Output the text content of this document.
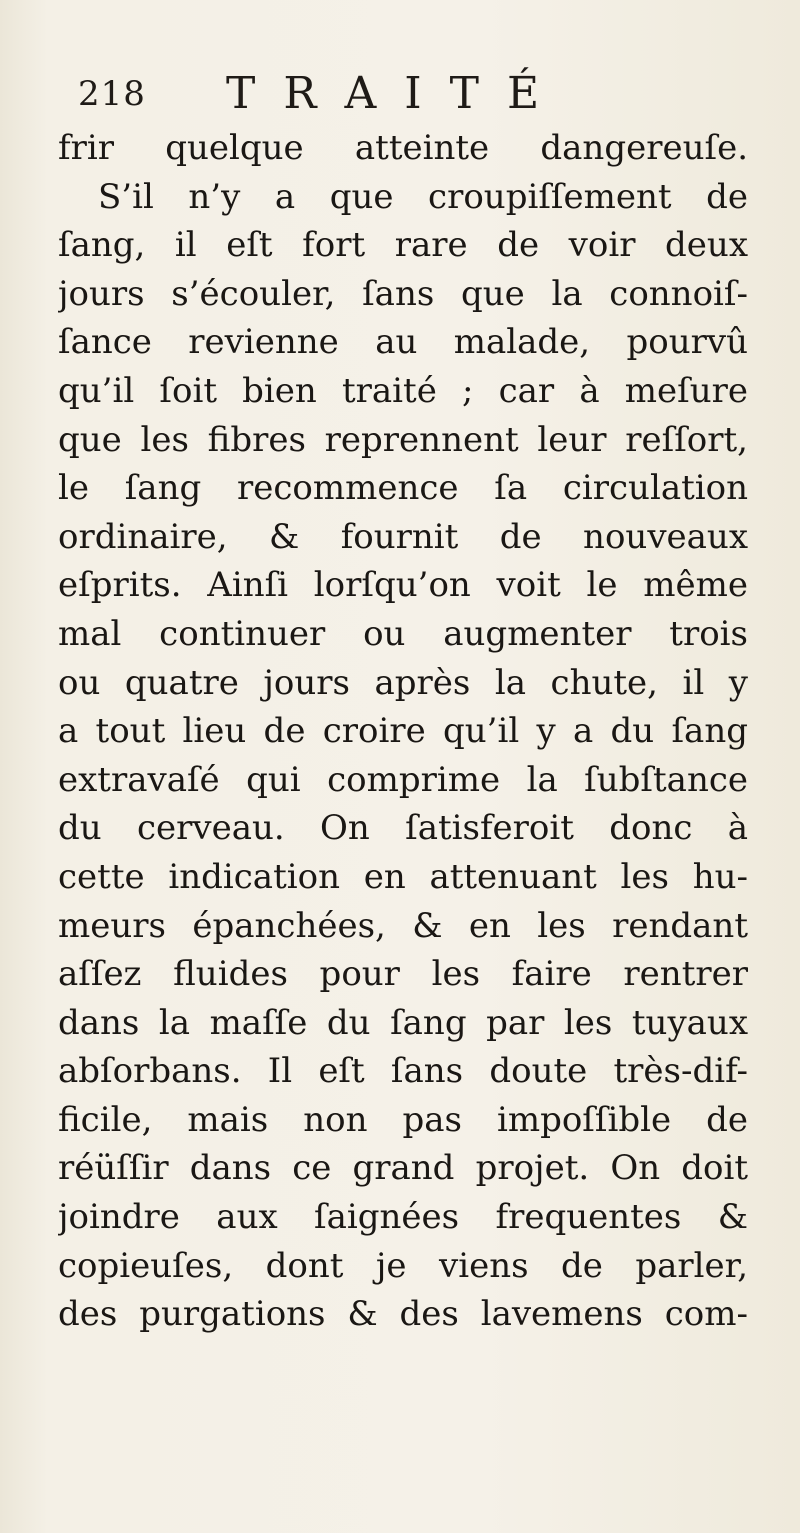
218 TRAITÉ
frir quelque atteinte dangereuſe.
S’il n’y a que croupiſſement de
ſang, il eſt fort rare de voir deux
jours s’écouler, ſans que la connoiſ-
ſance revienne au malade, pourvû
qu’il ſoit bien traité ; car à meſure
que les fibres reprennent leur reſſort,
le ſang recommence ſa circulation
ordinaire, & fournit de nouveaux
eſprits. Ainſi lorſqu’on voit le même
mal continuer ou augmenter trois
ou quatre jours après la chute, il y
a tout lieu de croire qu’il y a du ſang
extravaſé qui comprime la ſubſtance
du cerveau. On ſatisferoit donc à
cette indication en attenuant les hu-
meurs épanchées, & en les rendant
aſſez fluides pour les faire rentrer
dans la maſſe du ſang par les tuyaux
abſorbans. Il eſt ſans doute très-dif-
ficile, mais non pas impoſſible de
réüſſir dans ce grand projet. On doit
joindre aux ſaignées frequentes &
copieuſes, dont je viens de parler,
des purgations & des lavemens com-
